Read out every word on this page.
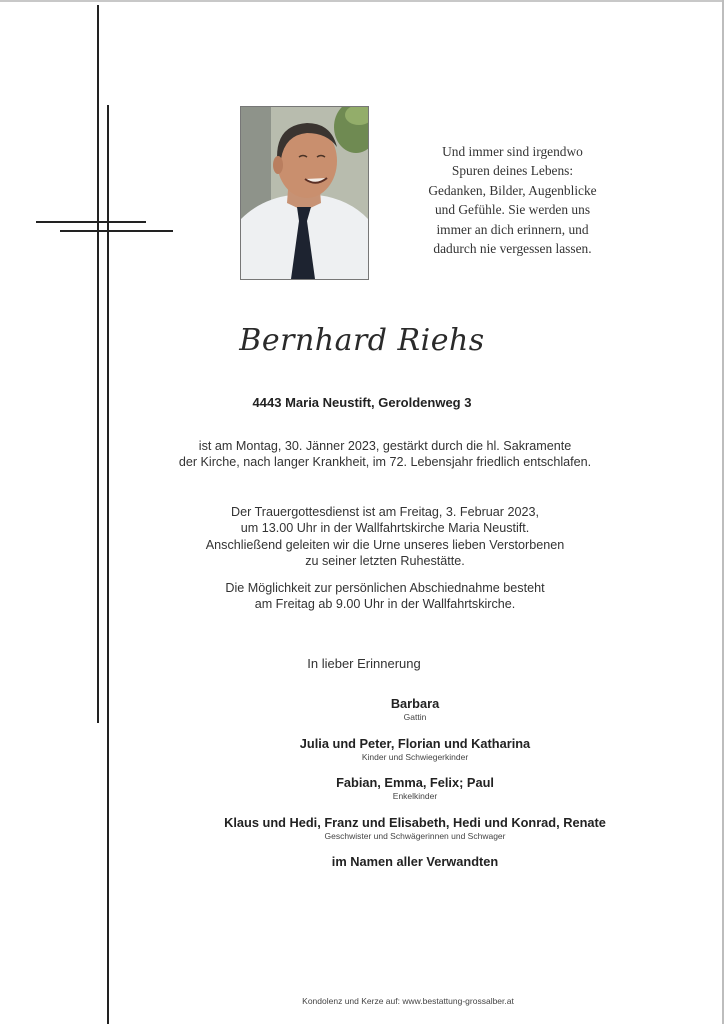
Und immer sind irgendwo
Spuren deines Lebens:
Gedanken, Bilder, Augenblicke
und Gefühle. Sie werden uns
immer an dich erinnern, und
dadurch nie vergessen lassen.
Bernhard Riehs
4443 Maria Neustift, Geroldenweg 3
ist am Montag, 30. Jänner 2023, gestärkt durch die hl. Sakramente
der Kirche, nach langer Krankheit, im 72. Lebensjahr friedlich entschlafen.
Der Trauergottesdienst ist am Freitag, 3. Februar 2023,
um 13.00 Uhr in der Wallfahrtskirche Maria Neustift.
Anschließend geleiten wir die Urne unseres lieben Verstorbenen
zu seiner letzten Ruhestätte.
Die Möglichkeit zur persönlichen Abschiednahme besteht
am Freitag ab 9.00 Uhr in der Wallfahrtskirche.
In lieber Erinnerung
Barbara
Gattin
Julia und Peter, Florian und Katharina
Kinder und Schwiegerkinder
Fabian, Emma, Felix; Paul
Enkelkinder
Klaus und Hedi, Franz und Elisabeth, Hedi und Konrad, Renate
Geschwister und Schwägerinnen und Schwager
im Namen aller Verwandten
Kondolenz und Kerze auf: www.bestattung-grossalber.at
